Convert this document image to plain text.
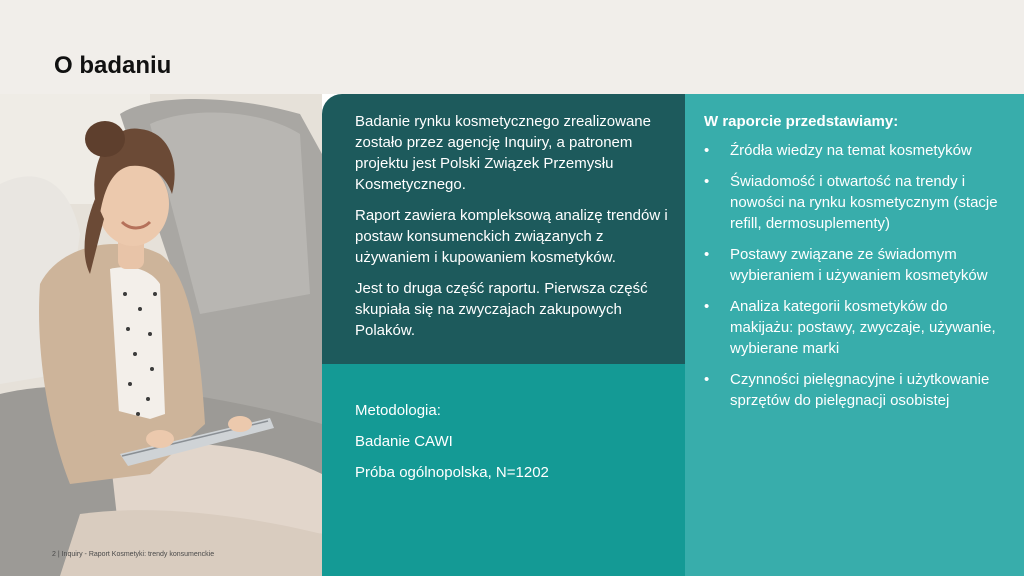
O badaniu

Badanie rynku kosmetycznego zrealizowane zostało przez agencję Inquiry, a patronem projektu jest Polski Związek Przemysłu Kosmetycznego.

Raport zawiera kompleksową analizę trendów i postaw konsumenckich związanych z używaniem i kupowaniem kosmetyków.

Jest to druga część raportu. Pierwsza część skupiała się na zwyczajach zakupowych Polaków.

Metodologia:

Badanie CAWI

Próba ogólnopolska, N=1202

W raporcie przedstawiamy:

• Źródła wiedzy na temat kosmetyków
• Świadomość i otwartość na trendy i nowości na rynku kosmetycznym (stacje refill, dermosuplementy)
• Postawy związane ze świadomym wybieraniem i używaniem kosmetyków
• Analiza kategorii kosmetyków do makijażu: postawy, zwyczaje, używanie, wybierane marki
• Czynności pielęgnacyjne i użytkowanie sprzętów do pielęgnacji osobistej
2 | Inquiry - Raport Kosmetyki: trendy konsumenckie
